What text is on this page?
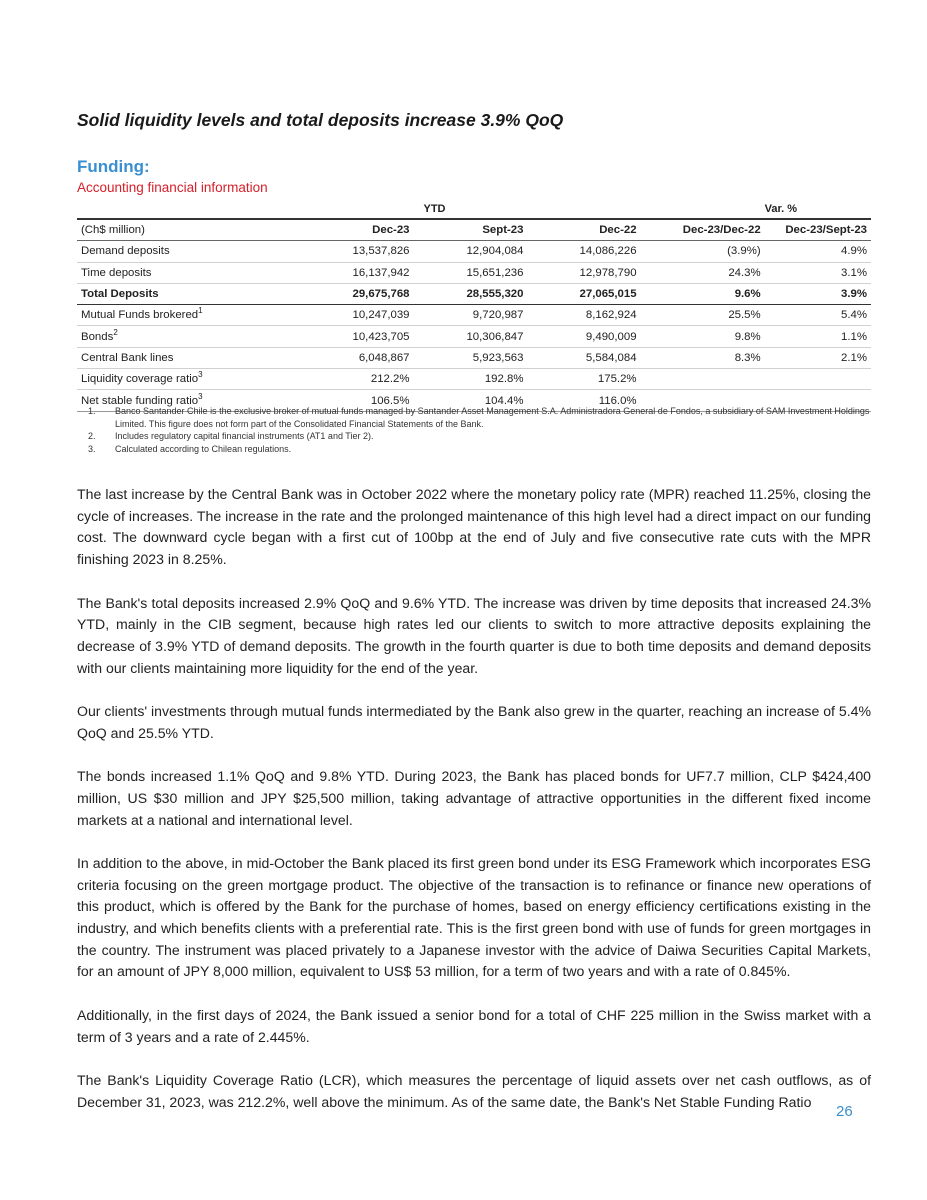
Solid liquidity levels and total deposits increase 3.9% QoQ

Funding:

Accounting financial information

		YTD			Var. %
(Ch$ million)	Dec-23	Sept-23	Dec-22	Dec-23/Dec-22	Dec-23/Sept-23
Demand deposits	13,537,826	12,904,084	14,086,226	(3.9%)	4.9%
Time deposits	16,137,942	15,651,236	12,978,790	24.3%	3.1%
Total Deposits	29,675,768	28,555,320	27,065,015	9.6%	3.9%
Mutual Funds brokered$^1$	10,247,039	9,720,987	8,162,924	25.5%	5.4%
Bonds$^2$	10,423,705	10,306,847	9,490,009	9.8%	1.1%
Central Bank lines	6,048,867	5,923,563	5,584,084	8.3%	2.1%
Liquidity coverage ratio$^3$	212.2%	192.8%	175.2%		
Net stable funding ratio$^3$	106.5%	104.4%	116.0%		
1.	Banco Santander Chile is the exclusive broker of mutual funds managed by Santander Asset Management S.A. Administradora General de Fondos, a subsidiary of SAM Investment Holdings Limited. This figure does not form part of the Consolidated Financial Statements of the Bank.
2.	Includes regulatory capital financial instruments (AT1 and Tier 2).
3.	Calculated according to Chilean regulations.

The last increase by the Central Bank was in October 2022 where the monetary policy rate (MPR) reached 11.25%, closing the cycle of increases. The increase in the rate and the prolonged maintenance of this high level had a direct impact on our funding cost. The downward cycle began with a first cut of 100bp at the end of July and five consecutive rate cuts with the MPR finishing 2023 in 8.25%.

The Bank's total deposits increased 2.9% QoQ and 9.6% YTD. The increase was driven by time deposits that increased 24.3% YTD, mainly in the CIB segment, because high rates led our clients to switch to more attractive deposits explaining the decrease of 3.9% YTD of demand deposits. The growth in the fourth quarter is due to both time deposits and demand deposits with our clients maintaining more liquidity for the end of the year.

Our clients' investments through mutual funds intermediated by the Bank also grew in the quarter, reaching an increase of 5.4% QoQ and 25.5% YTD.

The bonds increased 1.1% QoQ and 9.8% YTD. During 2023, the Bank has placed bonds for UF7.7 million, CLP $424,400 million, US $30 million and JPY $25,500 million, taking advantage of attractive opportunities in the different fixed income markets at a national and international level.

In addition to the above, in mid-October the Bank placed its first green bond under its ESG Framework which incorporates ESG criteria focusing on the green mortgage product. The objective of the transaction is to refinance or finance new operations of this product, which is offered by the Bank for the purchase of homes, based on energy efficiency certifications existing in the industry, and which benefits clients with a preferential rate. This is the first green bond with use of funds for green mortgages in the country. The instrument was placed privately to a Japanese investor with the advice of Daiwa Securities Capital Markets, for an amount of JPY 8,000 million, equivalent to US$ 53 million, for a term of two years and with a rate of 0.845%.

Additionally, in the first days of 2024, the Bank issued a senior bond for a total of CHF 225 million in the Swiss market with a term of 3 years and a rate of 2.445%.

The Bank's Liquidity Coverage Ratio (LCR), which measures the percentage of liquid assets over net cash outflows, as of December 31, 2023, was 212.2%, well above the minimum. As of the same date, the Bank's Net Stable Funding Ratio

26
